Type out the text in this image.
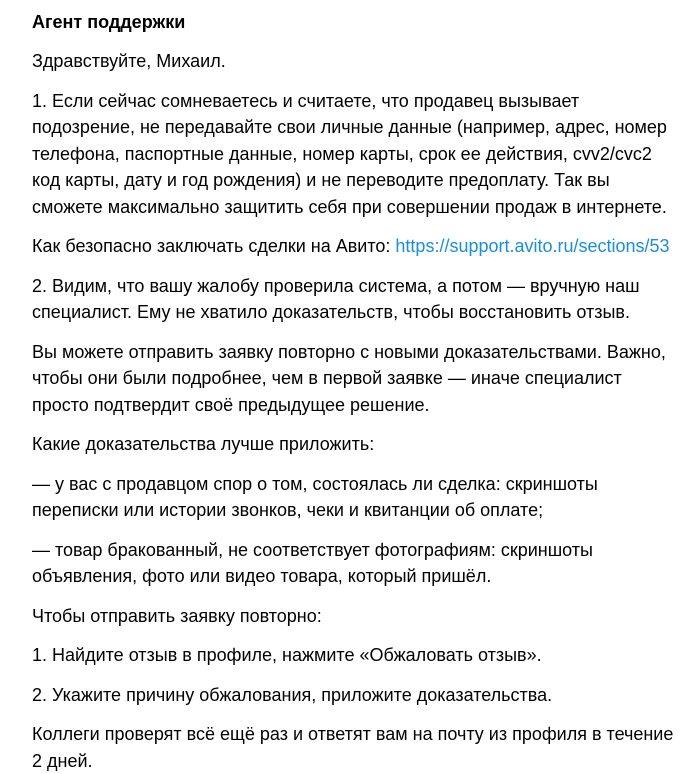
Агент поддержки

Здравствуйте, Михаил.

1. Если сейчас сомневаетесь и считаете, что продавец вызывает подозрение, не передавайте свои личные данные (например, адрес, номер телефона, паспортные данные, номер карты, срок ее действия, cvv2/cvc2 код карты, дату и год рождения) и не переводите предоплату. Так вы сможете максимально защитить себя при совершении продаж в интернете.

Как безопасно заключать сделки на Авито: https://support.avito.ru/sections/53

2. Видим, что вашу жалобу проверила система, а потом — вручную наш специалист. Ему не хватило доказательств, чтобы восстановить отзыв.

Вы можете отправить заявку повторно с новыми доказательствами. Важно, чтобы они были подробнее, чем в первой заявке — иначе специалист просто подтвердит своё предыдущее решение.

Какие доказательства лучше приложить:

— у вас с продавцом спор о том, состоялась ли сделка: скриншоты переписки или истории звонков, чеки и квитанции об оплате;

— товар бракованный, не соответствует фотографиям: скриншоты объявления, фото или видео товара, который пришёл.

Чтобы отправить заявку повторно:

1. Найдите отзыв в профиле, нажмите «Обжаловать отзыв».

2. Укажите причину обжалования, приложите доказательства.

Коллеги проверят всё ещё раз и ответят вам на почту из профиля в течение 2 дней.
